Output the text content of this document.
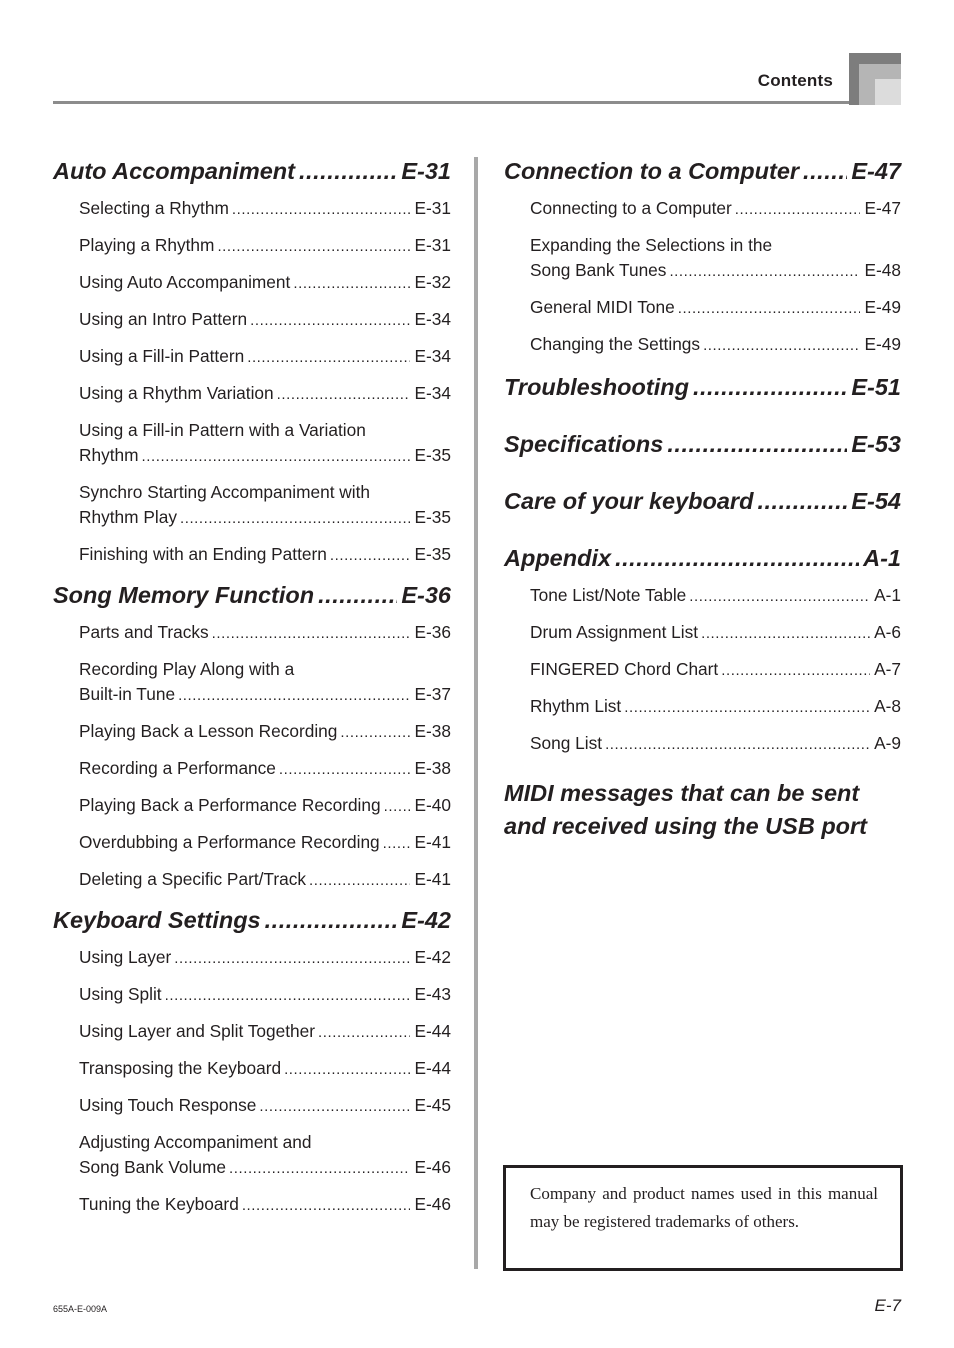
Contents
Auto Accompaniment . . .	E-31
Selecting a Rhythm . . .	E-31
Playing a Rhythm . . .	E-31
Using Auto Accompaniment . . .	E-32
Using an Intro Pattern . . .	E-34
Using a Fill-in Pattern . . .	E-34
Using a Rhythm Variation . . .	E-34
Using a Fill-in Pattern with a Variation
Rhythm . . .	E-35
Synchro Starting Accompaniment with
Rhythm Play . . .	E-35
Finishing with an Ending Pattern . . .	E-35
Song Memory Function . . .	E-36
Parts and Tracks . . .	E-36
Recording Play Along with a
Built-in Tune . . .	E-37
Playing Back a Lesson Recording . . .	E-38
Recording a Performance . . .	E-38
Playing Back a Performance Recording . . . E-40
Overdubbing a Performance Recording . . . E-41
Deleting a Specific Part/Track . . .	E-41
Keyboard Settings . . .	E-42
Using Layer . . .	E-42
Using Split . . .	E-43
Using Layer and Split Together . . .	E-44
Transposing the Keyboard . . .	E-44
Using Touch Response . . .	E-45
Adjusting Accompaniment and
Song Bank Volume . . .	E-46
Tuning the Keyboard . . .	E-46
Connection to a Computer . . . E-47
Connecting to a Computer . . .	E-47
Expanding the Selections in the
Song Bank Tunes . . .	E-48
General MIDI Tone . . .	E-49
Changing the Settings . . .	E-49
Troubleshooting . . .	E-51
Specifications . . .	E-53
Care of your keyboard . . .	E-54
Appendix . . .	A-1
Tone List/Note Table . . .	A-1
Drum Assignment List . . .	A-6
FINGERED Chord Chart . . .	A-7
Rhythm List . . .	A-8
Song List . . .	A-9
MIDI messages that can be sent
and received using the USB port
Company and product names used in this manual may be registered trademarks of others.
655A-E-009A	E-7
